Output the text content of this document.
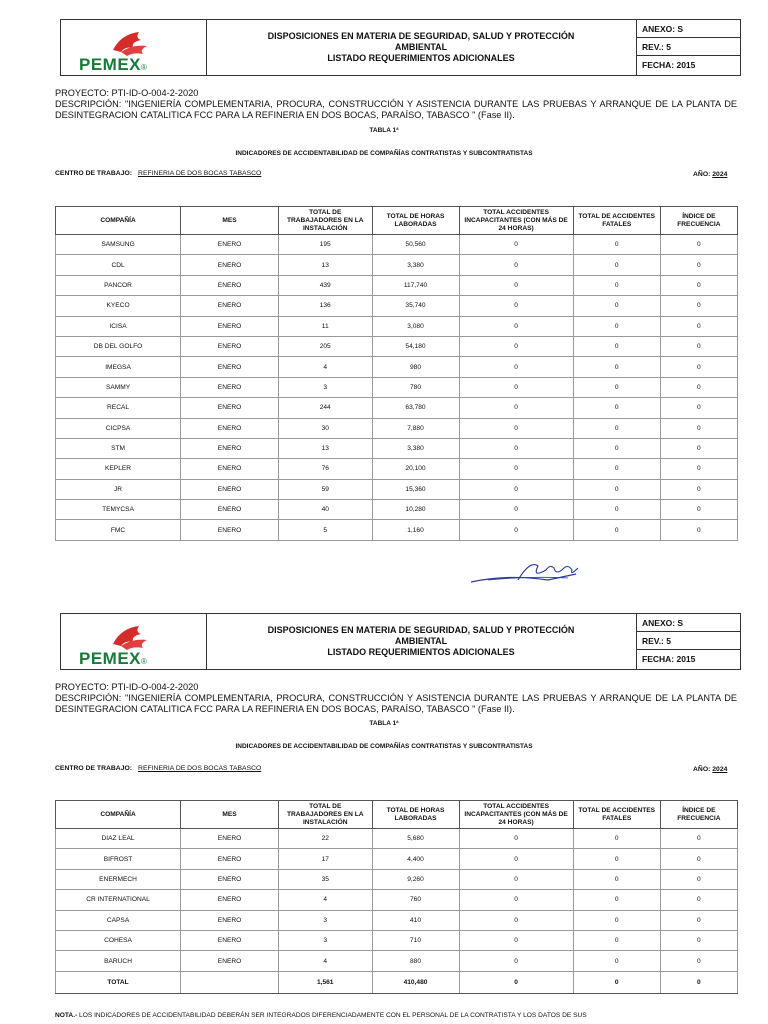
PEMEX®
DISPOSICIONES EN MATERIA DE SEGURIDAD, SALUD Y PROTECCIÓN
AMBIENTAL
LISTADO REQUERIMIENTOS ADICIONALES
ANEXO: S
REV.: 5
FECHA: 2015
PROYECTO: PTI-ID-O-004-2-2020
DESCRIPCIÓN: "INGENIERÍA COMPLEMENTARIA, PROCURA, CONSTRUCCIÓN Y ASISTENCIA DURANTE LAS PRUEBAS Y ARRANQUE DE LA PLANTA DE DESINTEGRACION CATALITICA FCC PARA LA REFINERIA EN DOS BOCAS, PARAÍSO, TABASCO " (Fase II).
TABLA 1ª
INDICADORES DE ACCIDENTABILIDAD DE COMPAÑÍAS CONTRATISTAS Y SUBCONTRATISTAS
CENTRO DE TRABAJO: REFINERIA DE DOS BOCAS TABASCO	AÑO: 2024
COMPAÑÍA	MES	TOTAL DE TRABAJADORES EN LA INSTALACIÓN	TOTAL DE HORAS LABORADAS	TOTAL ACCIDENTES INCAPACITANTES (CON MÁS DE 24 HORAS)	TOTAL DE ACCIDENTES FATALES	ÍNDICE DE FRECUENCIA
SAMSUNG	ENERO	195	50,560	0	0	0
CDL	ENERO	13	3,380	0	0	0
PANCOR	ENERO	439	117,740	0	0	0
KYECO	ENERO	136	35,740	0	0	0
ICISA	ENERO	11	3,080	0	0	0
DB DEL GOLFO	ENERO	205	54,180	0	0	0
IMEGSA	ENERO	4	980	0	0	0
SAMMY	ENERO	3	780	0	0	0
RECAL	ENERO	244	63,780	0	0	0
CICPSA	ENERO	30	7,880	0	0	0
STM	ENERO	13	3,380	0	0	0
KEPLER	ENERO	76	20,100	0	0	0
JR	ENERO	59	15,360	0	0	0
TEMYCSA	ENERO	40	10,280	0	0	0
FMC	ENERO	5	1,160	0	0	0
PEMEX®
DISPOSICIONES EN MATERIA DE SEGURIDAD, SALUD Y PROTECCIÓN
AMBIENTAL
LISTADO REQUERIMIENTOS ADICIONALES
ANEXO: S
REV.: 5
FECHA: 2015
PROYECTO: PTI-ID-O-004-2-2020
DESCRIPCIÓN: "INGENIERÍA COMPLEMENTARIA, PROCURA, CONSTRUCCIÓN Y ASISTENCIA DURANTE LAS PRUEBAS Y ARRANQUE DE LA PLANTA DE DESINTEGRACION CATALITICA FCC PARA LA REFINERIA EN DOS BOCAS, PARAÍSO, TABASCO " (Fase II).
TABLA 1ª
INDICADORES DE ACCIDENTABILIDAD DE COMPAÑÍAS CONTRATISTAS Y SUBCONTRATISTAS
CENTRO DE TRABAJO: REFINERIA DE DOS BOCAS TABASCO	AÑO: 2024
COMPAÑÍA	MES	TOTAL DE TRABAJADORES EN LA INSTALACIÓN	TOTAL DE HORAS LABORADAS	TOTAL ACCIDENTES INCAPACITANTES (CON MÁS DE 24 HORAS)	TOTAL DE ACCIDENTES FATALES	ÍNDICE DE FRECUENCIA
DIAZ LEAL	ENERO	22	5,680	0	0	0
BIFROST	ENERO	17	4,400	0	0	0
ENERMECH	ENERO	35	9,260	0	0	0
CR INTERNATIONAL	ENERO	4	760	0	0	0
CAPSA	ENERO	3	410	0	0	0
COHESA	ENERO	3	710	0	0	0
BARUCH	ENERO	4	880	0	0	0
TOTAL		1,561	410,480	0	0	0
NOTA.- LOS INDICADORES DE ACCIDENTABILIDAD DEBERÁN SER INTEGRADOS DIFERENCIADAMENTE CON EL PERSONAL DE LA CONTRATISTA Y LOS DATOS DE SUS
